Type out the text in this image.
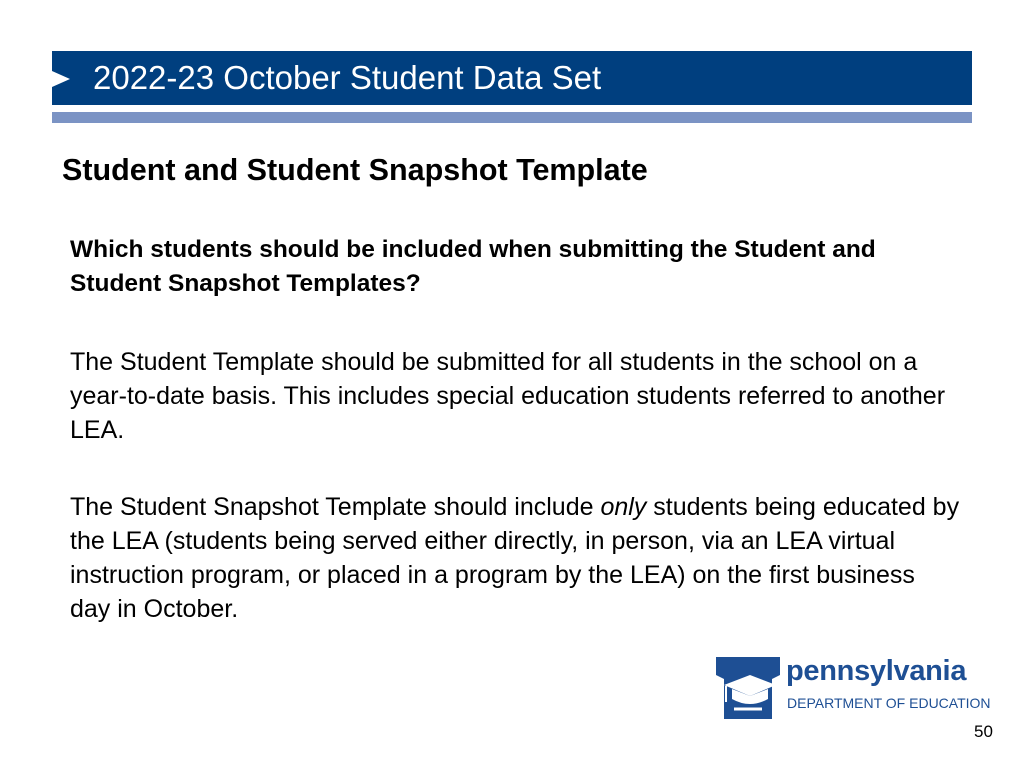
2022-23 October Student Data Set
Student and Student Snapshot Template
Which students should be included when submitting the Student and Student Snapshot Templates?
The Student Template should be submitted for all students in the school on a year-to-date basis. This includes special education students referred to another LEA.
The Student Snapshot Template should include only students being educated by the LEA (students being served either directly, in person, via an LEA virtual instruction program, or placed in a program by the LEA) on the first business day in October.
pennsylvania
DEPARTMENT OF EDUCATION
50
